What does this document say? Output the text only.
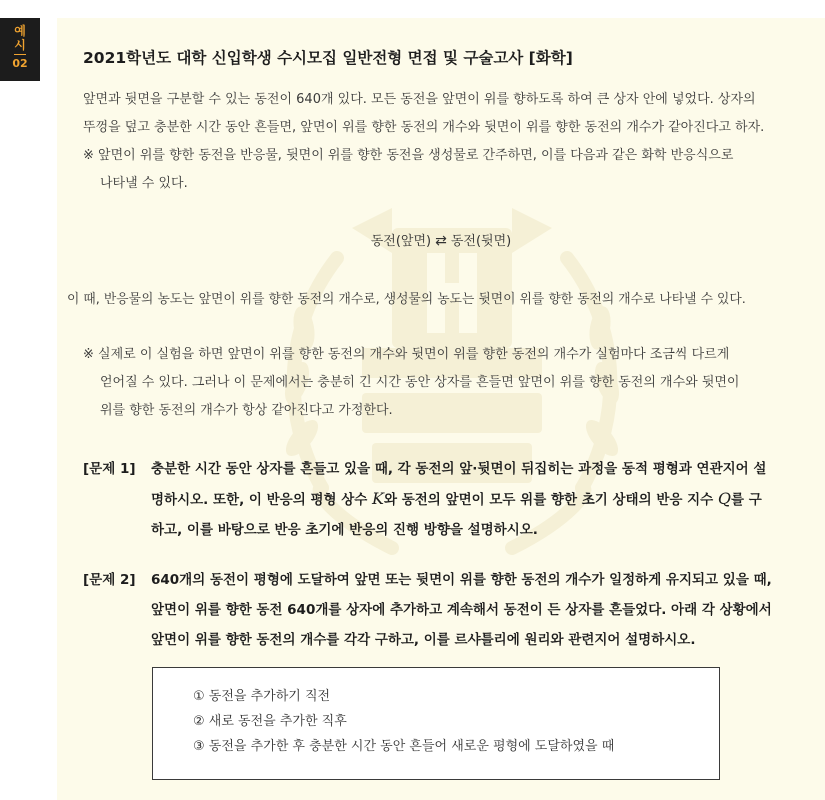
예
시
02	2021학년도 대학 신입학생 수시모집 일반전형 면접 및 구술고사 [화학]
앞면과 뒷면을 구분할 수 있는 동전이 640개 있다. 모든 동전을 앞면이 위를 향하도록 하여 큰 상자 안에 넣었다. 상자의
뚜껑을 덮고 충분한 시간 동안 흔들면, 앞면이 위를 향한 동전의 개수와 뒷면이 위를 향한 동전의 개수가 같아진다고 하자.
※ 앞면이 위를 향한 동전을 반응물, 뒷면이 위를 향한 동전을 생성물로 간주하면, 이를 다음과 같은 화학 반응식으로
나타낼 수 있다.
동전(앞면) ⇄ 동전(뒷면)
이 때, 반응물의 농도는 앞면이 위를 향한 동전의 개수로, 생성물의 농도는 뒷면이 위를 향한 동전의 개수로 나타낼 수 있다.
※ 실제로 이 실험을 하면 앞면이 위를 향한 동전의 개수와 뒷면이 위를 향한 동전의 개수가 실험마다 조금씩 다르게
얻어질 수 있다. 그러나 이 문제에서는 충분히 긴 시간 동안 상자를 흔들면 앞면이 위를 향한 동전의 개수와 뒷면이
위를 향한 동전의 개수가 항상 같아진다고 가정한다.
[문제 1]	충분한 시간 동안 상자를 흔들고 있을 때, 각 동전의 앞·뒷면이 뒤집히는 과정을 동적 평형과 연관지어 설
명하시오. 또한, 이 반응의 평형 상수 K와 동전의 앞면이 모두 위를 향한 초기 상태의 반응 지수 Q를 구
하고, 이를 바탕으로 반응 초기에 반응의 진행 방향을 설명하시오.
[문제 2]	640개의 동전이 평형에 도달하여 앞면 또는 뒷면이 위를 향한 동전의 개수가 일정하게 유지되고 있을 때,
앞면이 위를 향한 동전 640개를 상자에 추가하고 계속해서 동전이 든 상자를 흔들었다. 아래 각 상황에서
앞면이 위를 향한 동전의 개수를 각각 구하고, 이를 르샤틀리에 원리와 관련지어 설명하시오.
① 동전을 추가하기 직전
② 새로 동전을 추가한 직후
③ 동전을 추가한 후 충분한 시간 동안 흔들어 새로운 평형에 도달하였을 때
